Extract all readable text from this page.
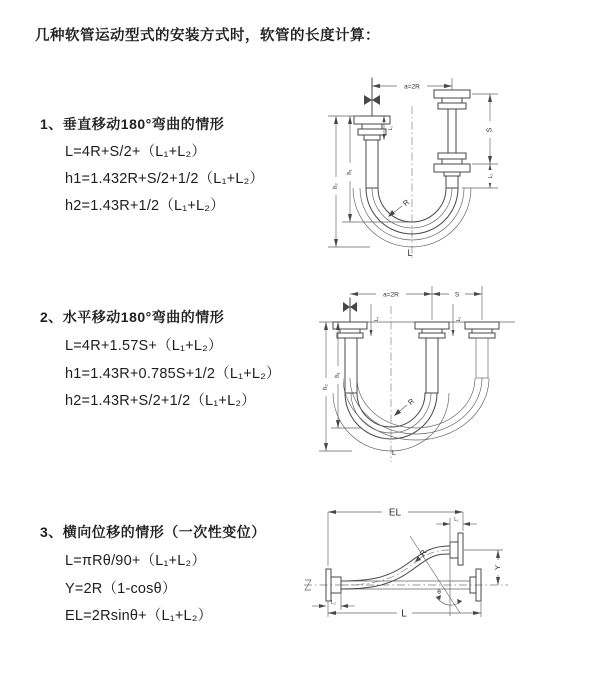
几种软管运动型式的安装方式时，软管的长度计算：
1、垂直移动180°弯曲的情形
L=4R+S/2+（L₁+L₂）
h1=1.432R+S/2+1/2（L₁+L₂）
h2=1.43R+1/2（L₁+L₂）
2、水平移动180°弯曲的情形
L=4R+1.57S+（L₁+L₂）
h1=1.43R+0.785S+1/2（L₁+L₂）
h2=1.43R+S/2+1/2（L₁+L₂）
3、横向位移的情形（一次性变位）
L=πRθ/90+（L₁+L₂）
Y=2R（1-cosθ）
EL=2Rsinθ+（L₁+L₂）
a=2R
S
L₂
L₁
h₁
h₂
R
L
a=2R	S
L₁	L₂
h₁
h₂
R
L
EL
L₁
L₂
Y
R
θ
L
